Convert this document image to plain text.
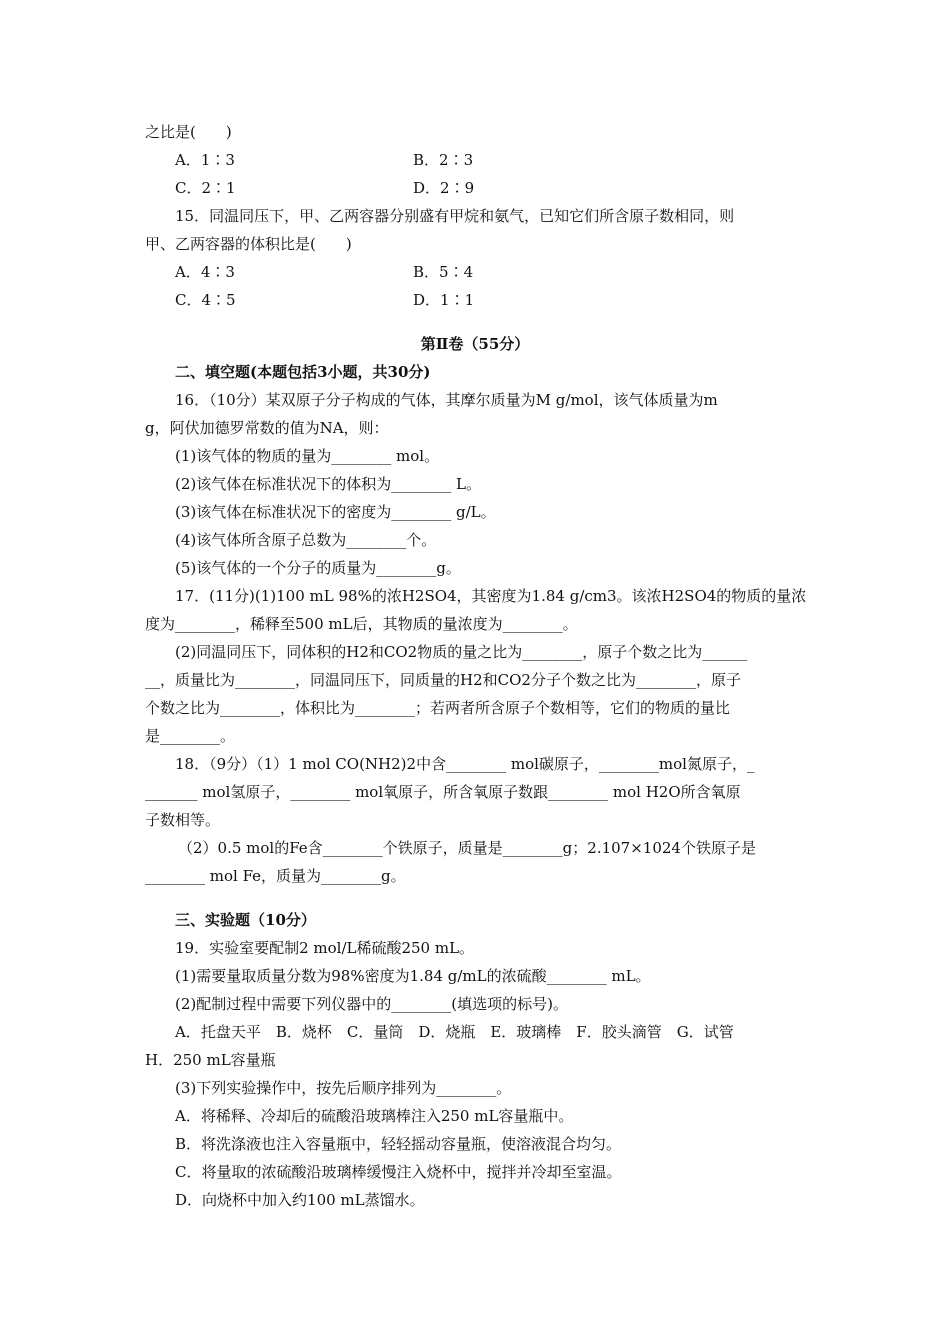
之比是(　　)
A．1∶3	B．2∶3
C．2∶1	D．2∶9
15．同温同压下，甲、乙两容器分别盛有甲烷和氨气，已知它们所含原子数相同，则
甲、乙两容器的体积比是(　　)
A．4∶3	B．5∶4
C．4∶5	D．1∶1
第Ⅱ卷（55分）
二、填空题(本题包括3小题，共30分)
16．（10分）某双原子分子构成的气体，其摩尔质量为M g/mol，该气体质量为m
g，阿伏加德罗常数的值为NA，则：
(1)该气体的物质的量为________ mol。
(2)该气体在标准状况下的体积为________ L。
(3)该气体在标准状况下的密度为________ g/L。
(4)该气体所含原子总数为________个。
(5)该气体的一个分子的质量为________g。
17．(11分)(1)100 mL 98%的浓H2SO4，其密度为1.84 g/cm3。该浓H2SO4的物质的量浓
度为________，稀释至500 mL后，其物质的量浓度为________。
(2)同温同压下，同体积的H2和CO2物质的量之比为________，原子个数之比为______
__，质量比为________，同温同压下，同质量的H2和CO2分子个数之比为________，原子
个数之比为________，体积比为________；若两者所含原子个数相等，它们的物质的量比
是________。
18．（9分）（1）1 mol CO(NH2)2中含________ mol碳原子，________mol氮原子，_
_______ mol氢原子，________ mol氧原子，所含氧原子数跟________ mol H2O所含氧原
子数相等。
（2）0.5 mol的Fe含________个铁原子，质量是________g；2.107×1024个铁原子是
________ mol Fe，质量为________g。
三、实验题（10分）
19．实验室要配制2 mol/L稀硫酸250 mL。
(1)需要量取质量分数为98%密度为1.84 g/mL的浓硫酸________ mL。
(2)配制过程中需要下列仪器中的________(填选项的标号)。
A．托盘天平　B．烧杯　C．量筒　D．烧瓶　E．玻璃棒　F．胶头滴管　G．试管
H．250 mL容量瓶
(3)下列实验操作中，按先后顺序排列为________。
A．将稀释、冷却后的硫酸沿玻璃棒注入250 mL容量瓶中。
B．将洗涤液也注入容量瓶中，轻轻摇动容量瓶，使溶液混合均匀。
C．将量取的浓硫酸沿玻璃棒缓慢注入烧杯中，搅拌并冷却至室温。
D．向烧杯中加入约100 mL蒸馏水。
